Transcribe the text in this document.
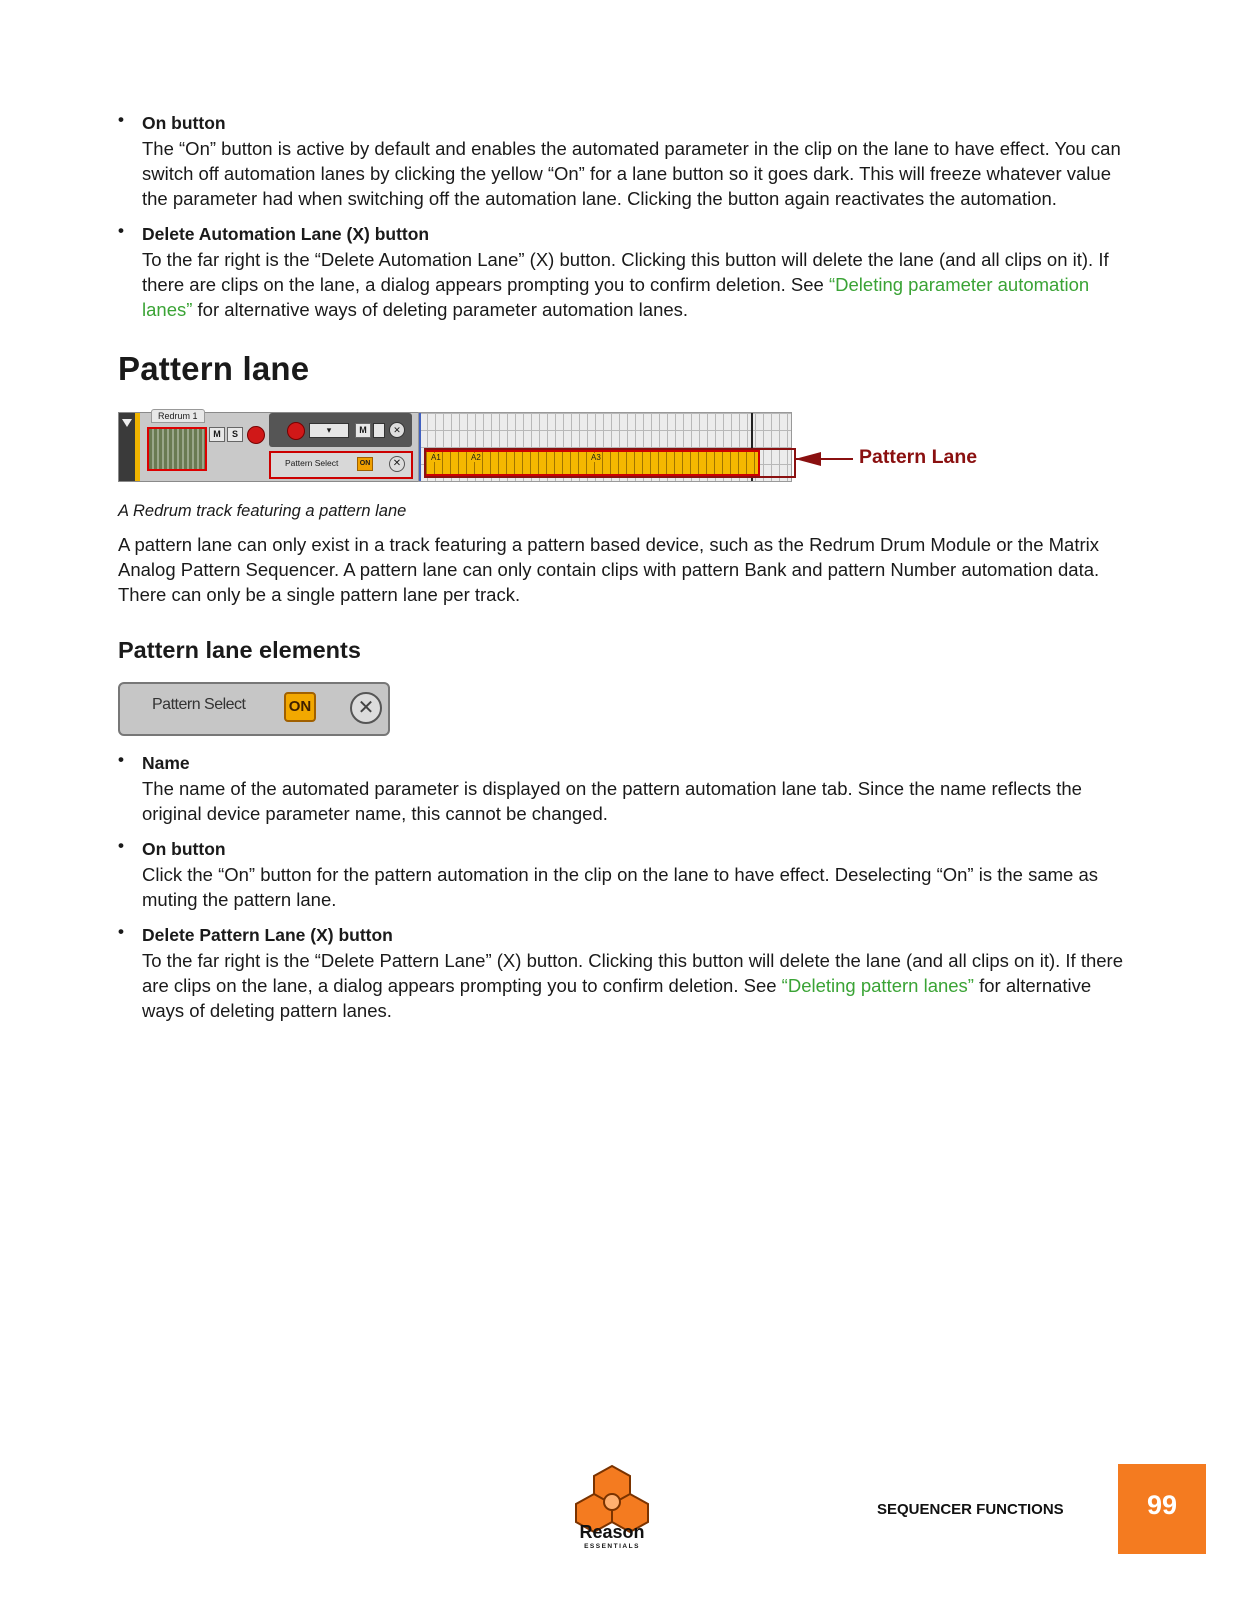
• On button
The “On” button is active by default and enables the automated parameter in the clip on the lane to have effect. You can switch off automation lanes by clicking the yellow “On” for a lane button so it goes dark. This will freeze whatever value the parameter had when switching off the automation lane. Clicking the button again reactivates the automation.
• Delete Automation Lane (X) button
To the far right is the “Delete Automation Lane” (X) button. Clicking this button will delete the lane (and all clips on it). If there are clips on the lane, a dialog appears prompting you to confirm deletion. See “Deleting parameter automation lanes” for alternative ways of deleting parameter automation lanes.
Pattern lane
Redrum 1
M	S	▾	M	✕
Pattern Select	ON	✕
A1	A2	A3	Pattern Lane
A Redrum track featuring a pattern lane
A pattern lane can only exist in a track featuring a pattern based device, such as the Redrum Drum Module or the Matrix Analog Pattern Sequencer. A pattern lane can only contain clips with pattern Bank and pattern Number automation data. There can only be a single pattern lane per track.
Pattern lane elements
Pattern Select	ON	✕
• Name
The name of the automated parameter is displayed on the pattern automation lane tab. Since the name reflects the original device parameter name, this cannot be changed.
• On button
Click the “On” button for the pattern automation in the clip on the lane to have effect. Deselecting “On” is the same as muting the pattern lane.
• Delete Pattern Lane (X) button
To the far right is the “Delete Pattern Lane” (X) button. Clicking this button will delete the lane (and all clips on it). If there are clips on the lane, a dialog appears prompting you to confirm deletion. See “Deleting pattern lanes” for alternative ways of deleting pattern lanes.
Reason
ESSENTIALS
SEQUENCER FUNCTIONS	99
